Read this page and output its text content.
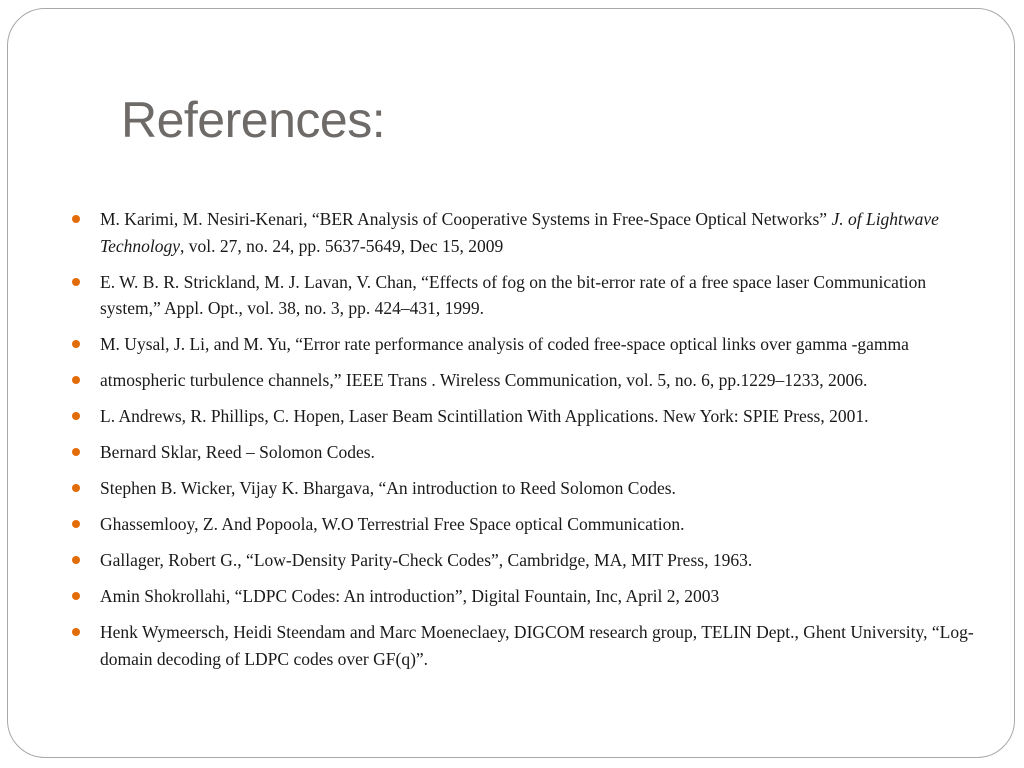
References:
M. Karimi, M. Nesiri-Kenari, “BER Analysis of Cooperative Systems in Free-Space Optical Networks” J. of Lightwave Technology, vol. 27, no. 24, pp. 5637-5649, Dec 15, 2009
E. W. B. R. Strickland, M. J. Lavan, V. Chan, “Effects of fog on the bit-error rate of a free space laser Communication system,” Appl. Opt., vol. 38, no. 3, pp. 424–431, 1999.
M. Uysal, J. Li, and M. Yu, “Error rate performance analysis of coded free-space optical links over gamma -gamma
atmospheric turbulence channels,” IEEE Trans . Wireless Communication, vol. 5, no. 6, pp.1229–1233, 2006.
L. Andrews, R. Phillips, C. Hopen, Laser Beam Scintillation With Applications. New York: SPIE Press, 2001.
Bernard Sklar, Reed – Solomon Codes.
Stephen B. Wicker, Vijay K. Bhargava, “An introduction to Reed Solomon Codes.
Ghassemlooy, Z. And Popoola, W.O Terrestrial Free Space optical Communication.
Gallager, Robert G., “Low-Density Parity-Check Codes”, Cambridge, MA, MIT Press, 1963.
Amin Shokrollahi, “LDPC Codes: An introduction”, Digital Fountain, Inc, April 2, 2003
Henk Wymeersch, Heidi Steendam and Marc Moeneclaey, DIGCOM research group, TELIN Dept., Ghent University, “Log-domain decoding of LDPC codes over GF(q)”.
